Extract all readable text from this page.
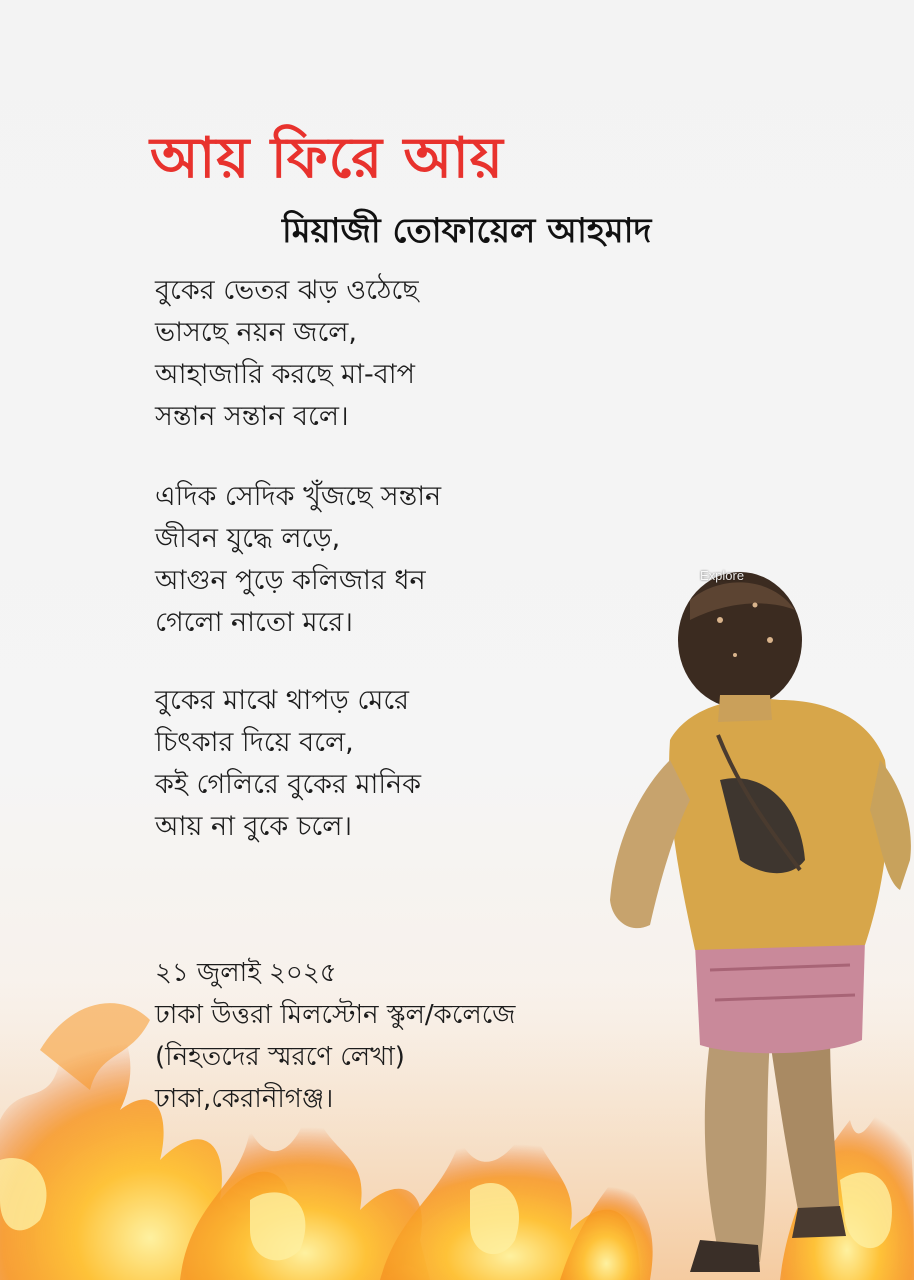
Explore
আয় ফিরে আয়
মিয়াজী তোফায়েল আহমাদ

বুকের ভেতর ঝড় ওঠেছে
ভাসছে নয়ন জলে,
আহাজারি করছে মা-বাপ
সন্তান সন্তান বলে।

এদিক সেদিক খুঁজছে সন্তান
জীবন যুদ্ধে লড়ে,
আগুন পুড়ে কলিজার ধন
গেলো নাতো মরে।

বুকের মাঝে থাপড় মেরে
চিৎকার দিয়ে বলে,
কই গেলিরে বুকের মানিক
আয় না বুকে চলে।

২১ জুলাই ২০২৫
ঢাকা উত্তরা মিলস্টোন স্কুল/কলেজে
(নিহতদের স্মরণে লেখা)
ঢাকা,কেরানীগঞ্জ।
